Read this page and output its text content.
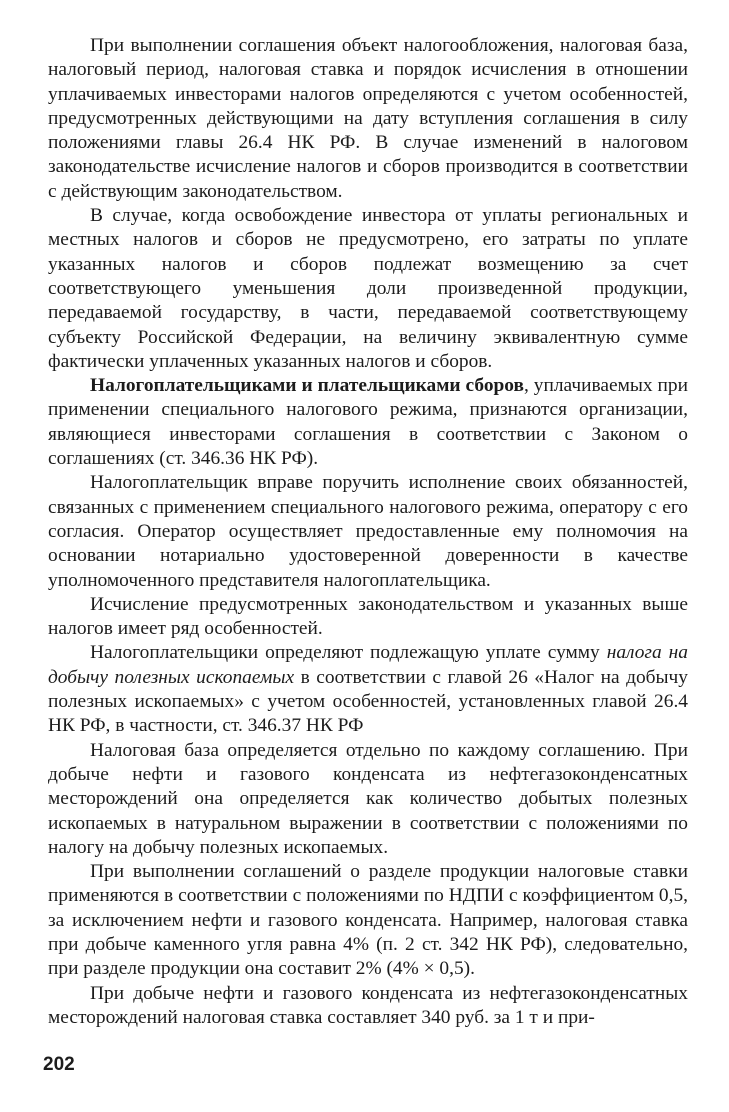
При выполнении соглашения объект налогообложения, налоговая база, налоговый период, налоговая ставка и порядок исчисления в отношении уплачиваемых инвесторами налогов определяются с учетом особенностей, предусмотренных действующими на дату вступления соглашения в силу положениями главы 26.4 НК РФ. В случае изменений в налоговом законодательстве исчисление налогов и сборов производится в соответствии с действующим законодательством.

В случае, когда освобождение инвестора от уплаты региональных и местных налогов и сборов не предусмотрено, его затраты по уплате указанных налогов и сборов подлежат возмещению за счет соответствующего уменьшения доли произведенной продукции, передаваемой государству, в части, передаваемой соответствующему субъекту Российской Федерации, на величину эквивалентную сумме фактически уплаченных указанных налогов и сборов.

Налогоплательщиками и плательщиками сборов, уплачиваемых при применении специального налогового режима, признаются организации, являющиеся инвесторами соглашения в соответствии с Законом о соглашениях (ст. 346.36 НК РФ).

Налогоплательщик вправе поручить исполнение своих обязанностей, связанных с применением специального налогового режима, оператору с его согласия. Оператор осуществляет предоставленные ему полномочия на основании нотариально удостоверенной доверенности в качестве уполномоченного представителя налогоплательщика.

Исчисление предусмотренных законодательством и указанных выше налогов имеет ряд особенностей.

Налогоплательщики определяют подлежащую уплате сумму налога на добычу полезных ископаемых в соответствии с главой 26 «Налог на добычу полезных ископаемых» с учетом особенностей, установленных главой 26.4 НК РФ, в частности, ст. 346.37 НК РФ

Налоговая база определяется отдельно по каждому соглашению. При добыче нефти и газового конденсата из нефтегазоконденсатных месторождений она определяется как количество добытых полезных ископаемых в натуральном выражении в соответствии с положениями по налогу на добычу полезных ископаемых.

При выполнении соглашений о разделе продукции налоговые ставки применяются в соответствии с положениями по НДПИ с коэффициентом 0,5, за исключением нефти и газового конденсата. Например, налоговая ставка при добыче каменного угля равна 4% (п. 2 ст. 342 НК РФ), следовательно, при разделе продукции она составит 2% (4% × 0,5).

При добыче нефти и газового конденсата из нефтегазоконденсатных месторождений налоговая ставка составляет 340 руб. за 1 т и при-

202
